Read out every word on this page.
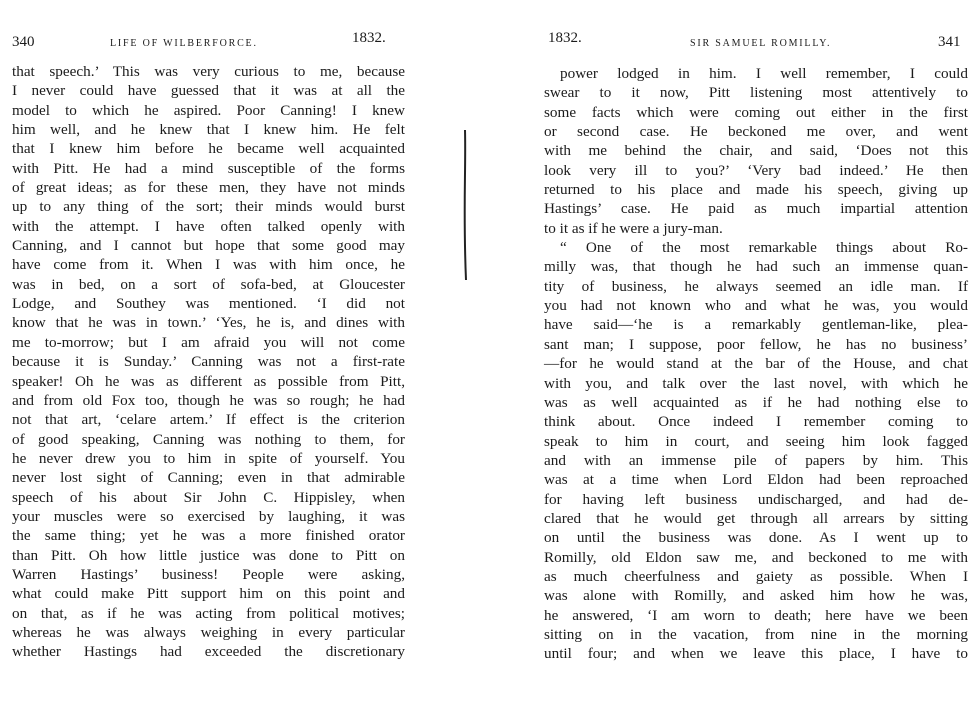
340	LIFE OF WILBERFORCE.	1832.
that speech.’ This was very curious to me, because
I never could have guessed that it was at all the
model to which he aspired. Poor Canning! I knew
him well, and he knew that I knew him. He felt
that I knew him before he became well acquainted
with Pitt. He had a mind susceptible of the forms
of great ideas; as for these men, they have not minds
up to any thing of the sort; their minds would burst
with the attempt. I have often talked openly with
Canning, and I cannot but hope that some good may
have come from it. When I was with him once, he
was in bed, on a sort of sofa-bed, at Gloucester
Lodge, and Southey was mentioned. ‘I did not
know that he was in town.’ ‘Yes, he is, and dines with
me to-morrow; but I am afraid you will not come
because it is Sunday.’ Canning was not a first-rate
speaker! Oh he was as different as possible from Pitt,
and from old Fox too, though he was so rough; he had
not that art, ‘celare artem.’ If effect is the criterion
of good speaking, Canning was nothing to them, for
he never drew you to him in spite of yourself. You
never lost sight of Canning; even in that admirable
speech of his about Sir John C. Hippisley, when
your muscles were so exercised by laughing, it was
the same thing; yet he was a more finished orator
than Pitt. Oh how little justice was done to Pitt on
Warren Hastings’ business! People were asking,
what could make Pitt support him on this point and
on that, as if he was acting from political motives;
whereas he was always weighing in every particular
whether Hastings had exceeded the discretionary
1832.	SIR SAMUEL ROMILLY.	341
power lodged in him. I well remember, I could
swear to it now, Pitt listening most attentively to
some facts which were coming out either in the first
or second case. He beckoned me over, and went
with me behind the chair, and said, ‘Does not this
look very ill to you?’ ‘Very bad indeed.’ He then
returned to his place and made his speech, giving up
Hastings’ case. He paid as much impartial attention
to it as if he were a jury-man.
“ One of the most remarkable things about Ro-
milly was, that though he had such an immense quan-
tity of business, he always seemed an idle man. If
you had not known who and what he was, you would
have said—‘he is a remarkably gentleman-like, plea-
sant man; I suppose, poor fellow, he has no business’
—for he would stand at the bar of the House, and chat
with you, and talk over the last novel, with which he
was as well acquainted as if he had nothing else to
think about. Once indeed I remember coming to
speak to him in court, and seeing him look fagged
and with an immense pile of papers by him. This
was at a time when Lord Eldon had been reproached
for having left business undischarged, and had de-
clared that he would get through all arrears by sitting
on until the business was done. As I went up to
Romilly, old Eldon saw me, and beckoned to me with
as much cheerfulness and gaiety as possible. When I
was alone with Romilly, and asked him how he was,
he answered, ‘I am worn to death; here have we been
sitting on in the vacation, from nine in the morning
until four; and when we leave this place, I have to
